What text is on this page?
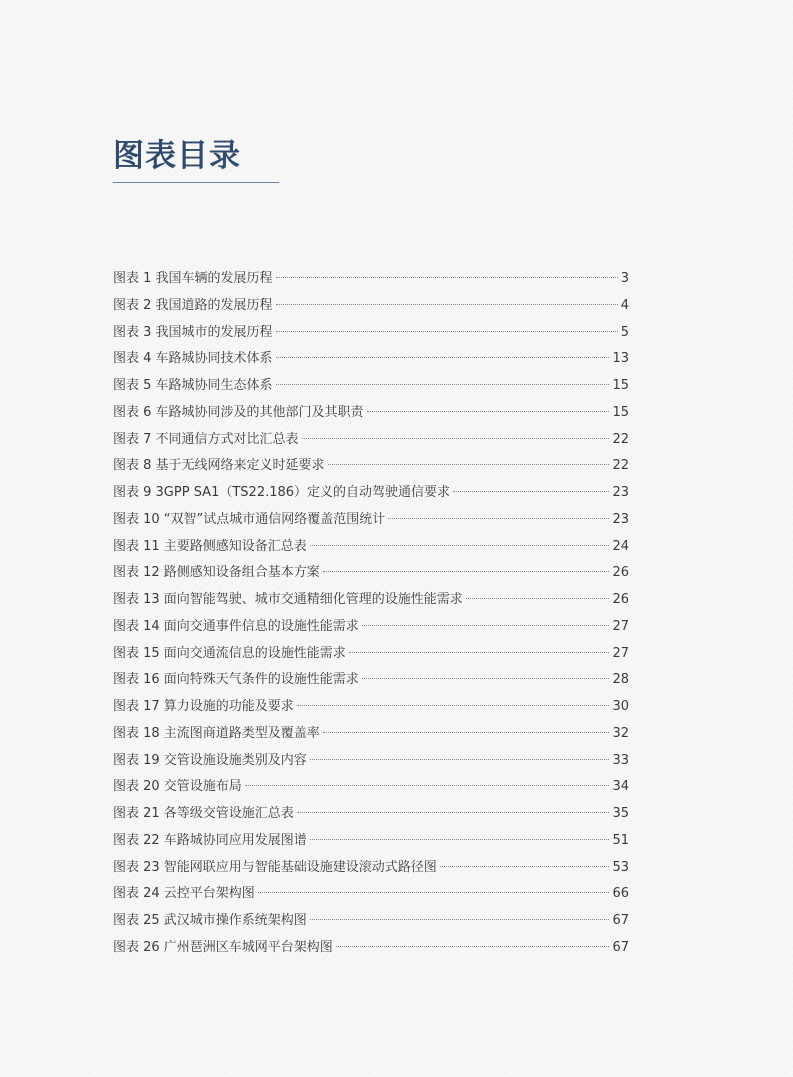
图表目录
图表 1 我国车辆的发展历程	3
图表 2 我国道路的发展历程	4
图表 3 我国城市的发展历程	5
图表 4 车路城协同技术体系	13
图表 5 车路城协同生态体系	15
图表 6 车路城协同涉及的其他部门及其职责	15
图表 7 不同通信方式对比汇总表	22
图表 8 基于无线网络来定义时延要求	22
图表 9 3GPP SA1（TS22.186）定义的自动驾驶通信要求	23
图表 10 “双智”试点城市通信网络覆盖范围统计	23
图表 11 主要路侧感知设备汇总表	24
图表 12 路侧感知设备组合基本方案	26
图表 13 面向智能驾驶、城市交通精细化管理的设施性能需求	26
图表 14 面向交通事件信息的设施性能需求	27
图表 15 面向交通流信息的设施性能需求	27
图表 16 面向特殊天气条件的设施性能需求	28
图表 17 算力设施的功能及要求	30
图表 18 主流图商道路类型及覆盖率	32
图表 19 交管设施设施类别及内容	33
图表 20 交管设施布局	34
图表 21 各等级交管设施汇总表	35
图表 22 车路城协同应用发展图谱	51
图表 23 智能网联应用与智能基础设施建设滚动式路径图	53
图表 24 云控平台架构图	66
图表 25 武汉城市操作系统架构图	67
图表 26 广州琶洲区车城网平台架构图	67
